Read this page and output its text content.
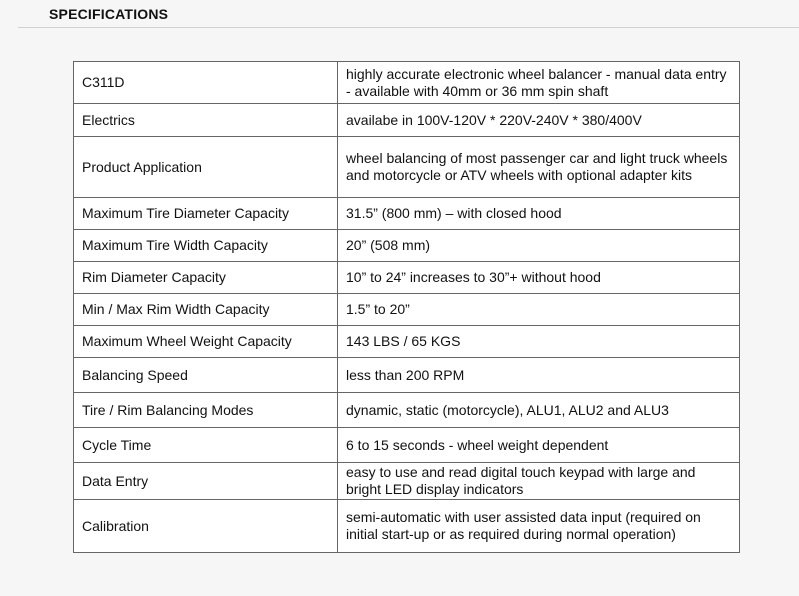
SPECIFICATIONS
C311D	highly accurate electronic wheel balancer - manual data entry - available with 40mm or 36 mm spin shaft
Electrics	availabe in 100V-120V * 220V-240V * 380/400V
Product Application	wheel balancing of most passenger car and light truck wheels and motorcycle or ATV wheels with optional adapter kits
Maximum Tire Diameter Capacity	31.5” (800 mm) – with closed hood
Maximum Tire Width Capacity	20” (508 mm)
Rim Diameter Capacity	10” to 24” increases to 30”+ without hood
Min / Max Rim Width Capacity	1.5” to 20”
Maximum Wheel Weight Capacity	143 LBS / 65 KGS
Balancing Speed	less than 200 RPM
Tire / Rim Balancing Modes	dynamic, static (motorcycle), ALU1, ALU2 and ALU3
Cycle Time	6 to 15 seconds - wheel weight dependent
Data Entry	easy to use and read digital touch keypad with large and bright LED display indicators
Calibration	semi-automatic with user assisted data input (required on initial start-up or as required during normal operation)
